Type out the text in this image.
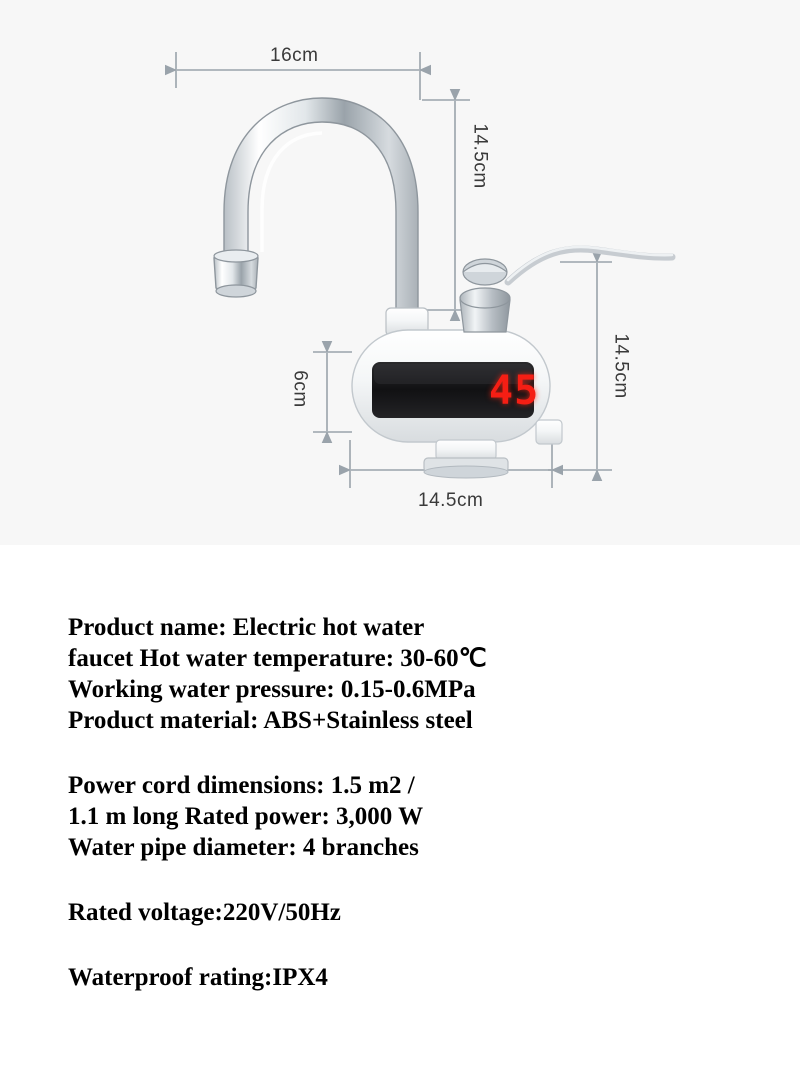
45
16cm
14.5cm
14.5cm
6cm
14.5cm
Product name: Electric hot water
faucet Hot water temperature: 30-60℃
Working water pressure: 0.15-0.6MPa
Product material: ABS+Stainless steel
Power cord dimensions: 1.5 m2 /
1.1 m long Rated power: 3,000 W
Water pipe diameter: 4 branches
Rated voltage:220V/50Hz
Waterproof rating:IPX4
